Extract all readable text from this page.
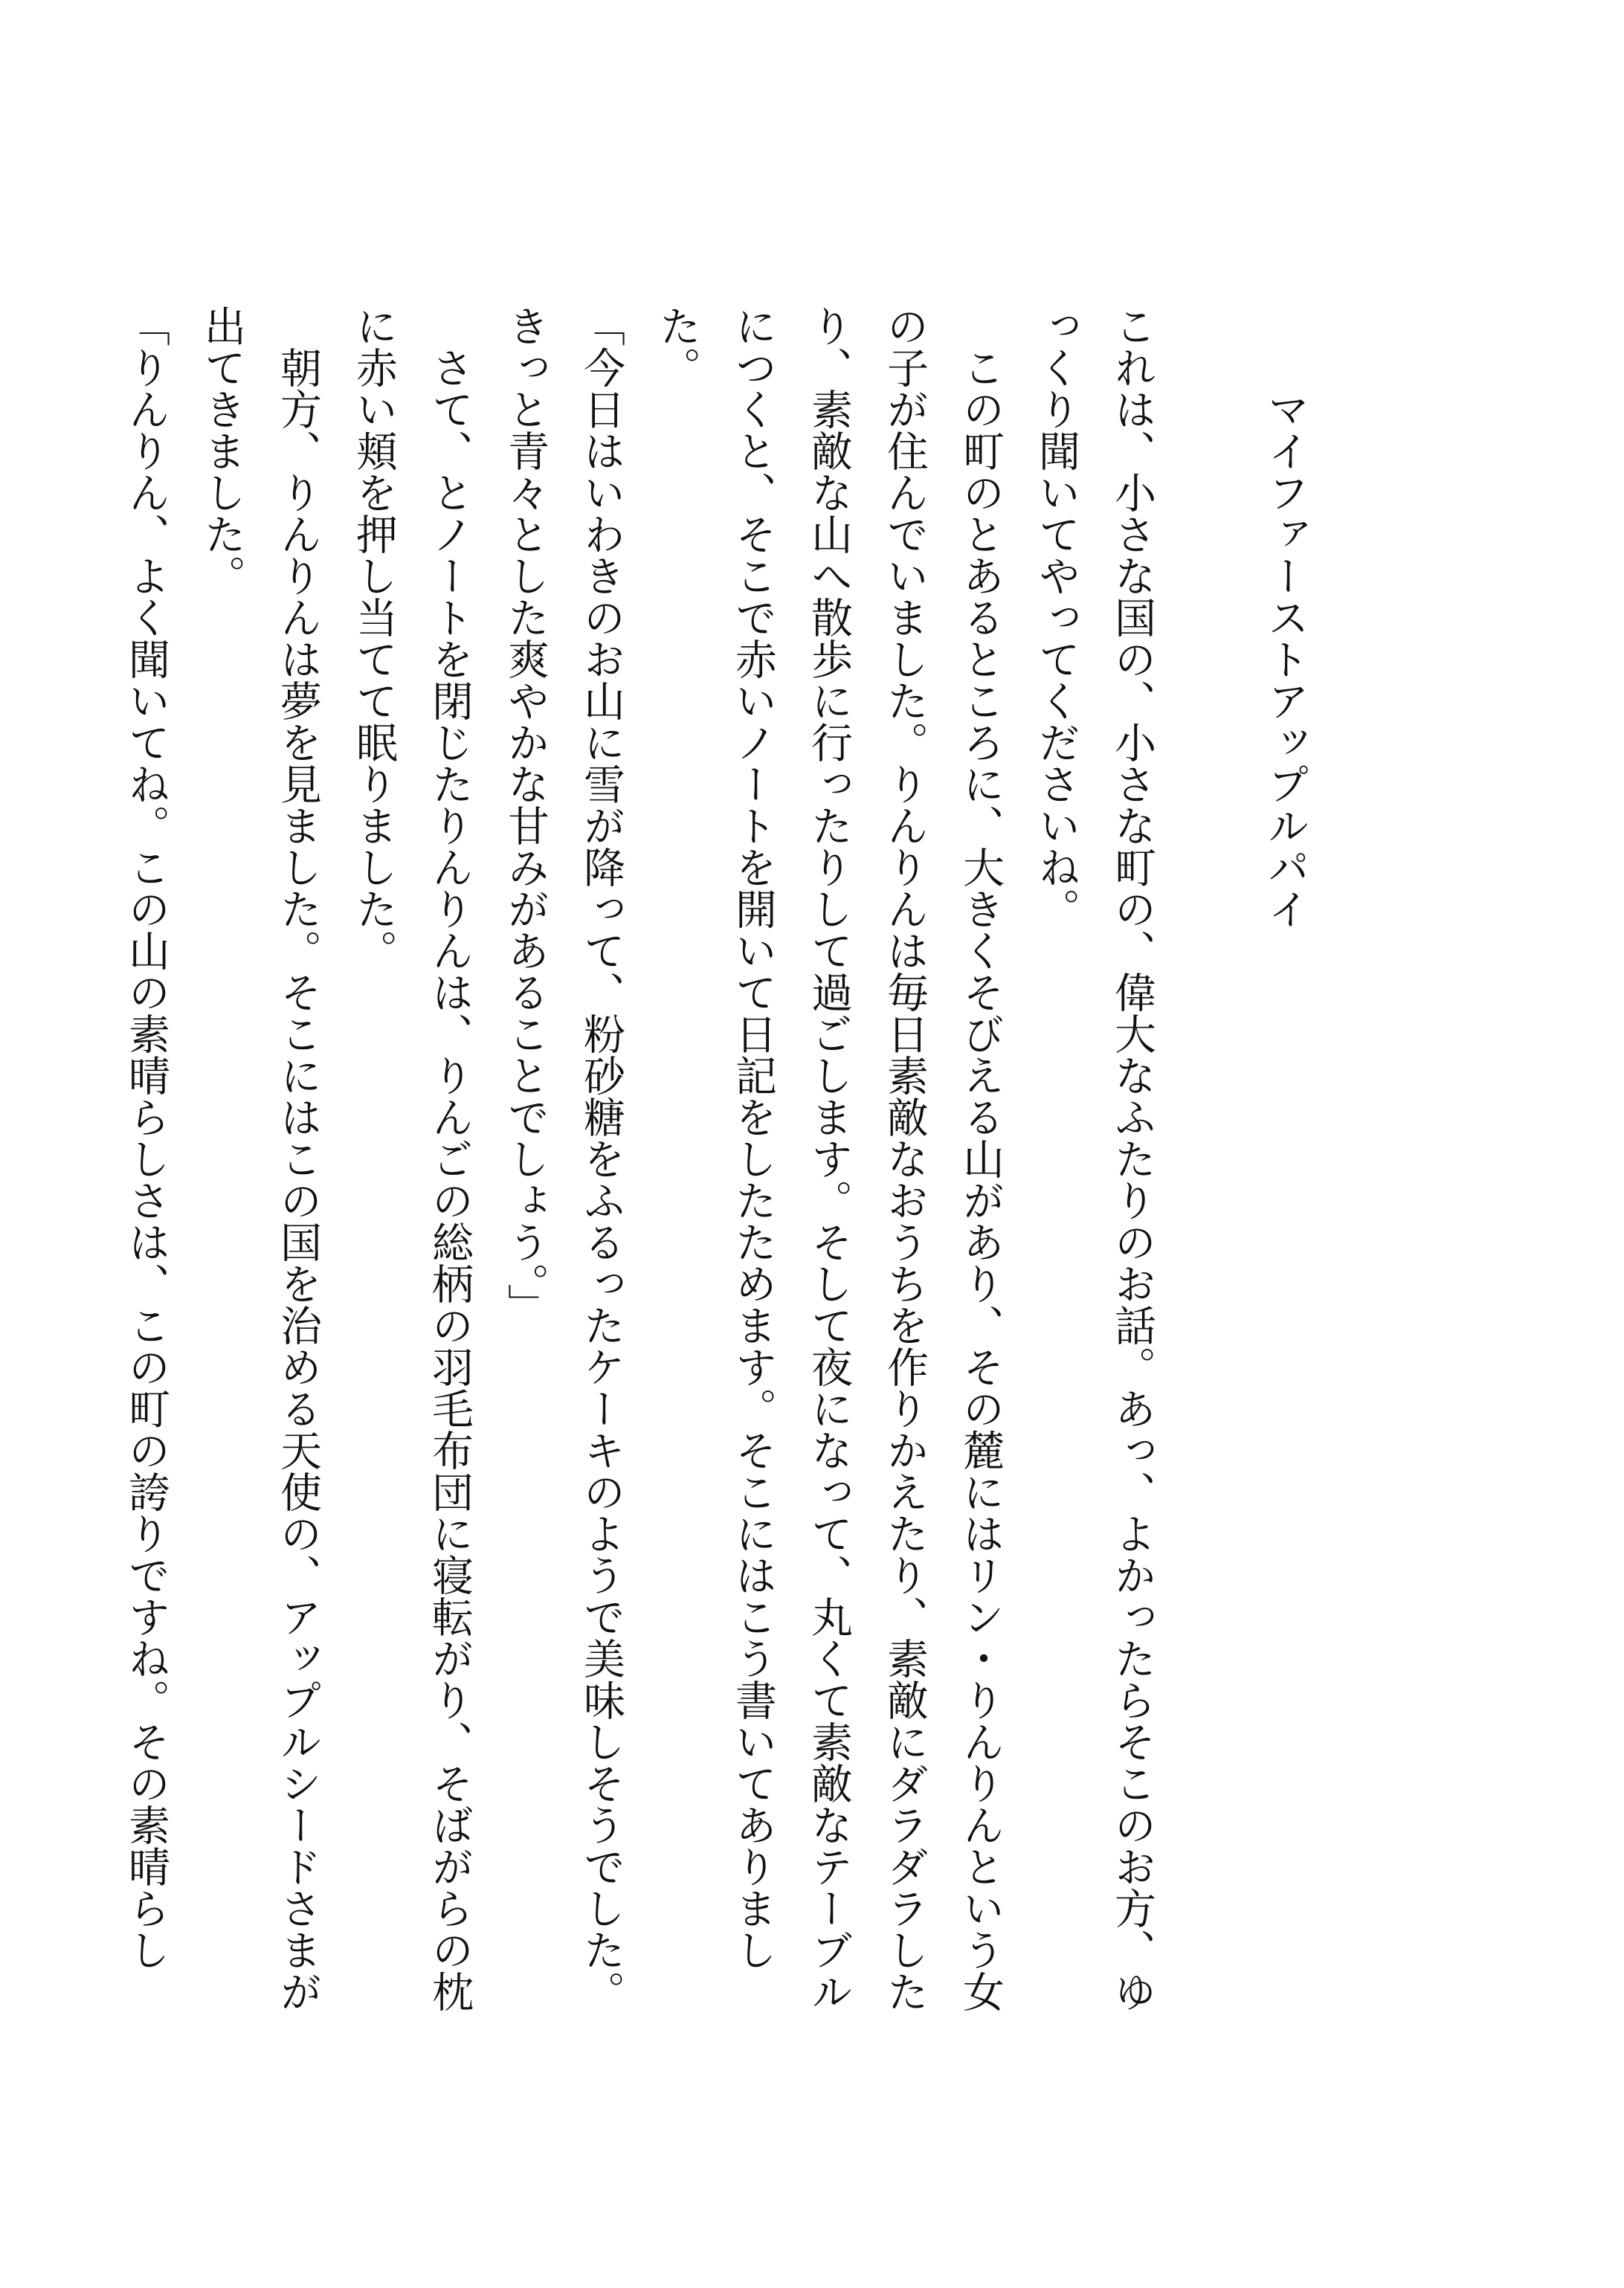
マイファーストアップルパイ

これは、小さな国の、小さな町の、偉大なふたりのお話。あっ、よかったらそこのお方、ゆっくり聞いてやってくださいね。

この町のとあるところに、大きくそびえる山があり、その麓にはリン・りんりんという女の子が住んでいました。りんりんは毎日素敵なおうちを作りかえたり、素敵にダラダラしたり、素敵な山へ散歩に行ったりして過ごします。そして夜になって、丸くて素敵なテーブルにつくと、そこで赤いノートを開いて日記をしたためます。そこにはこう書いてありました。

「今日はいわきのお山に雪が降って、粉砂糖をふるったケーキのようで美味しそうでした。きっと青々とした爽やかな甘みがあることでしょう。」

さて、とノートを閉じたりんりんは、りんごの総柄の羽毛布団に寝転がり、そばがらの枕に赤い頬を押し当てて眠りました。

朝方、りんりんは夢を見ました。そこにはこの国を治める天使の、アップルシードさまが出てきました。

「りんりん、よく聞いてね。この山の素晴らしさは、この町の誇りですね。その素晴らし
